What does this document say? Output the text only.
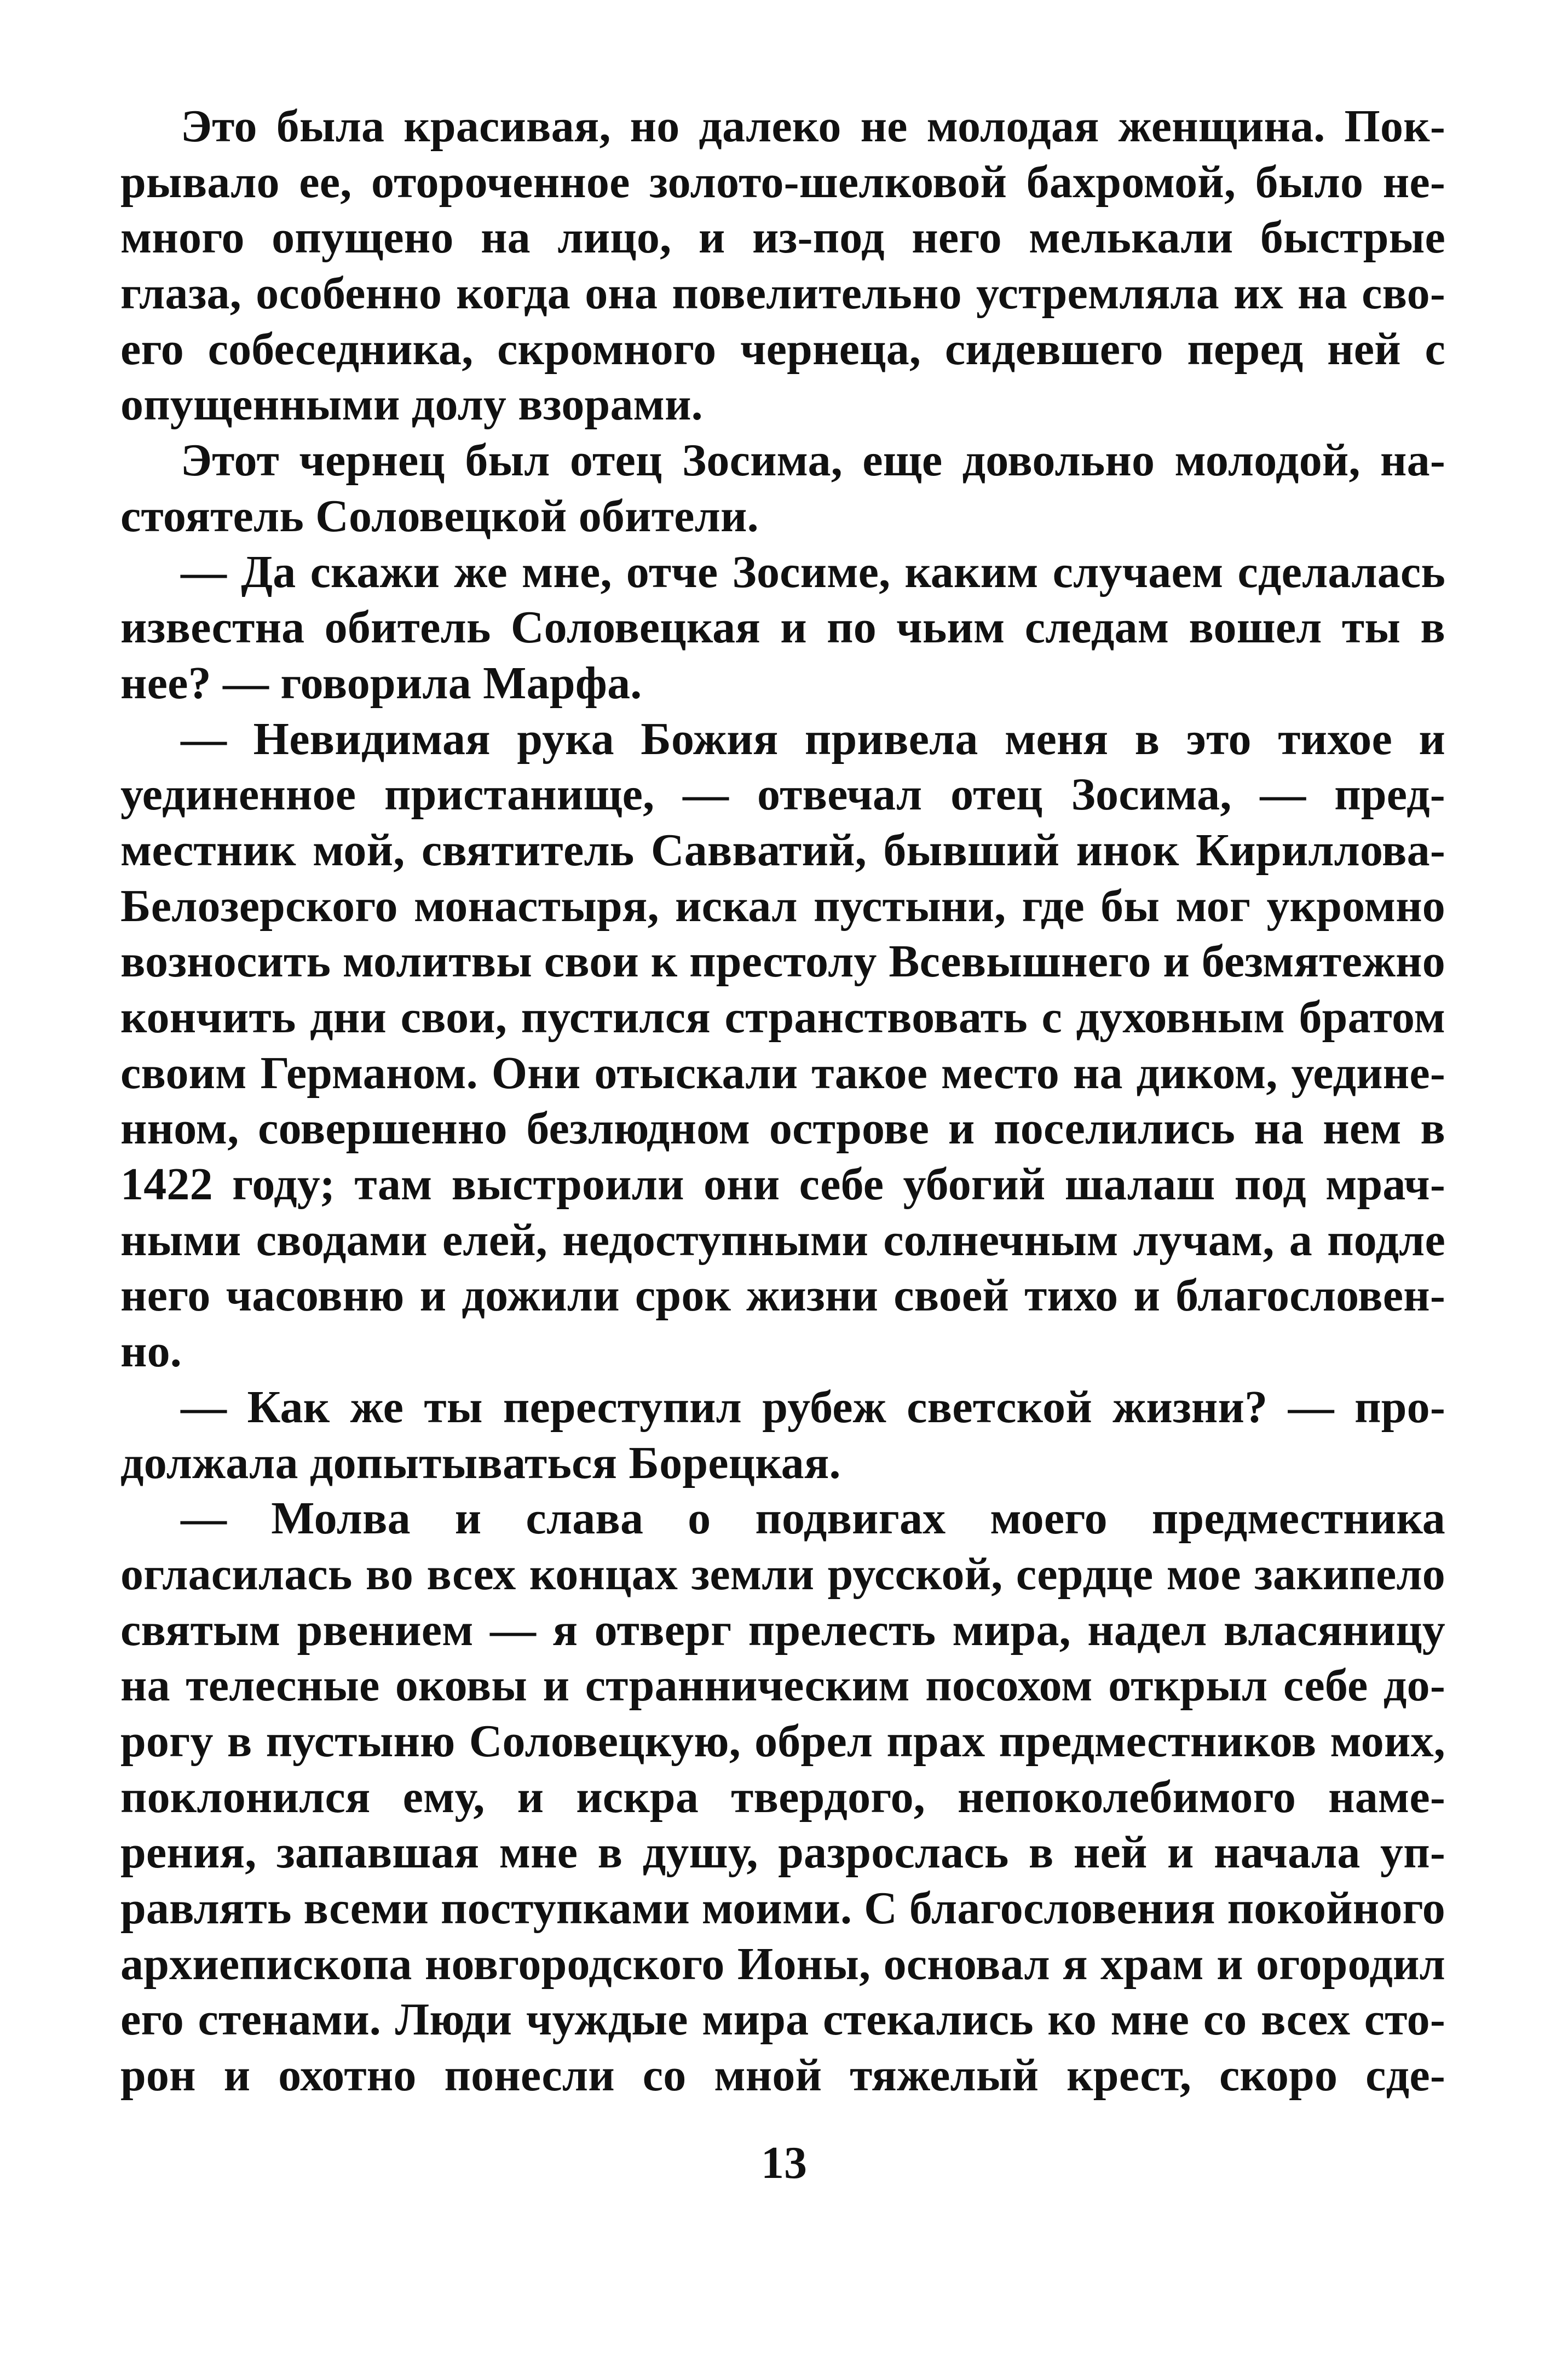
Это была красивая, но далеко не молодая женщина. Пок-
рывало ее, отороченное золото-шелковой бахромой, было не-
много опущено на лицо, и из-под него мелькали быстрые
глаза, особенно когда она повелительно устремляла их на сво-
его собеседника, скромного чернеца, сидевшего перед ней с
опущенными долу взорами.
Этот чернец был отец Зосима, еще довольно молодой, на-
стоятель Соловецкой обители.
— Да скажи же мне, отче Зосиме, каким случаем сделалась
известна обитель Соловецкая и по чьим следам вошел ты в
нее? — говорила Марфа.
— Невидимая рука Божия привела меня в это тихое и
уединенное пристанище, — отвечал отец Зосима, — пред-
местник мой, святитель Савватий, бывший инок Кириллова-
Белозерского монастыря, искал пустыни, где бы мог укромно
возносить молитвы свои к престолу Всевышнего и безмятежно
кончить дни свои, пустился странствовать с духовным братом
своим Германом. Они отыскали такое место на диком, уедине-
нном, совершенно безлюдном острове и поселились на нем в
1422 году; там выстроили они себе убогий шалаш под мрач-
ными сводами елей, недоступными солнечным лучам, а подле
него часовню и дожили срок жизни своей тихо и благословен-
но.
— Как же ты переступил рубеж светской жизни? — про-
должала допытываться Борецкая.
— Молва и слава о подвигах моего предместника
огласилась во всех концах земли русской, сердце мое закипело
святым рвением — я отверг прелесть мира, надел власяницу
на телесные оковы и странническим посохом открыл себе до-
рогу в пустыню Соловецкую, обрел прах предместников моих,
поклонился ему, и искра твердого, непоколебимого наме-
рения, запавшая мне в душу, разрослась в ней и начала уп-
равлять всеми поступками моими. С благословения покойного
архиепископа новгородского Ионы, основал я храм и огородил
его стенами. Люди чуждые мира стекались ко мне со всех сто-
рон и охотно понесли со мной тяжелый крест, скоро сде-
13
